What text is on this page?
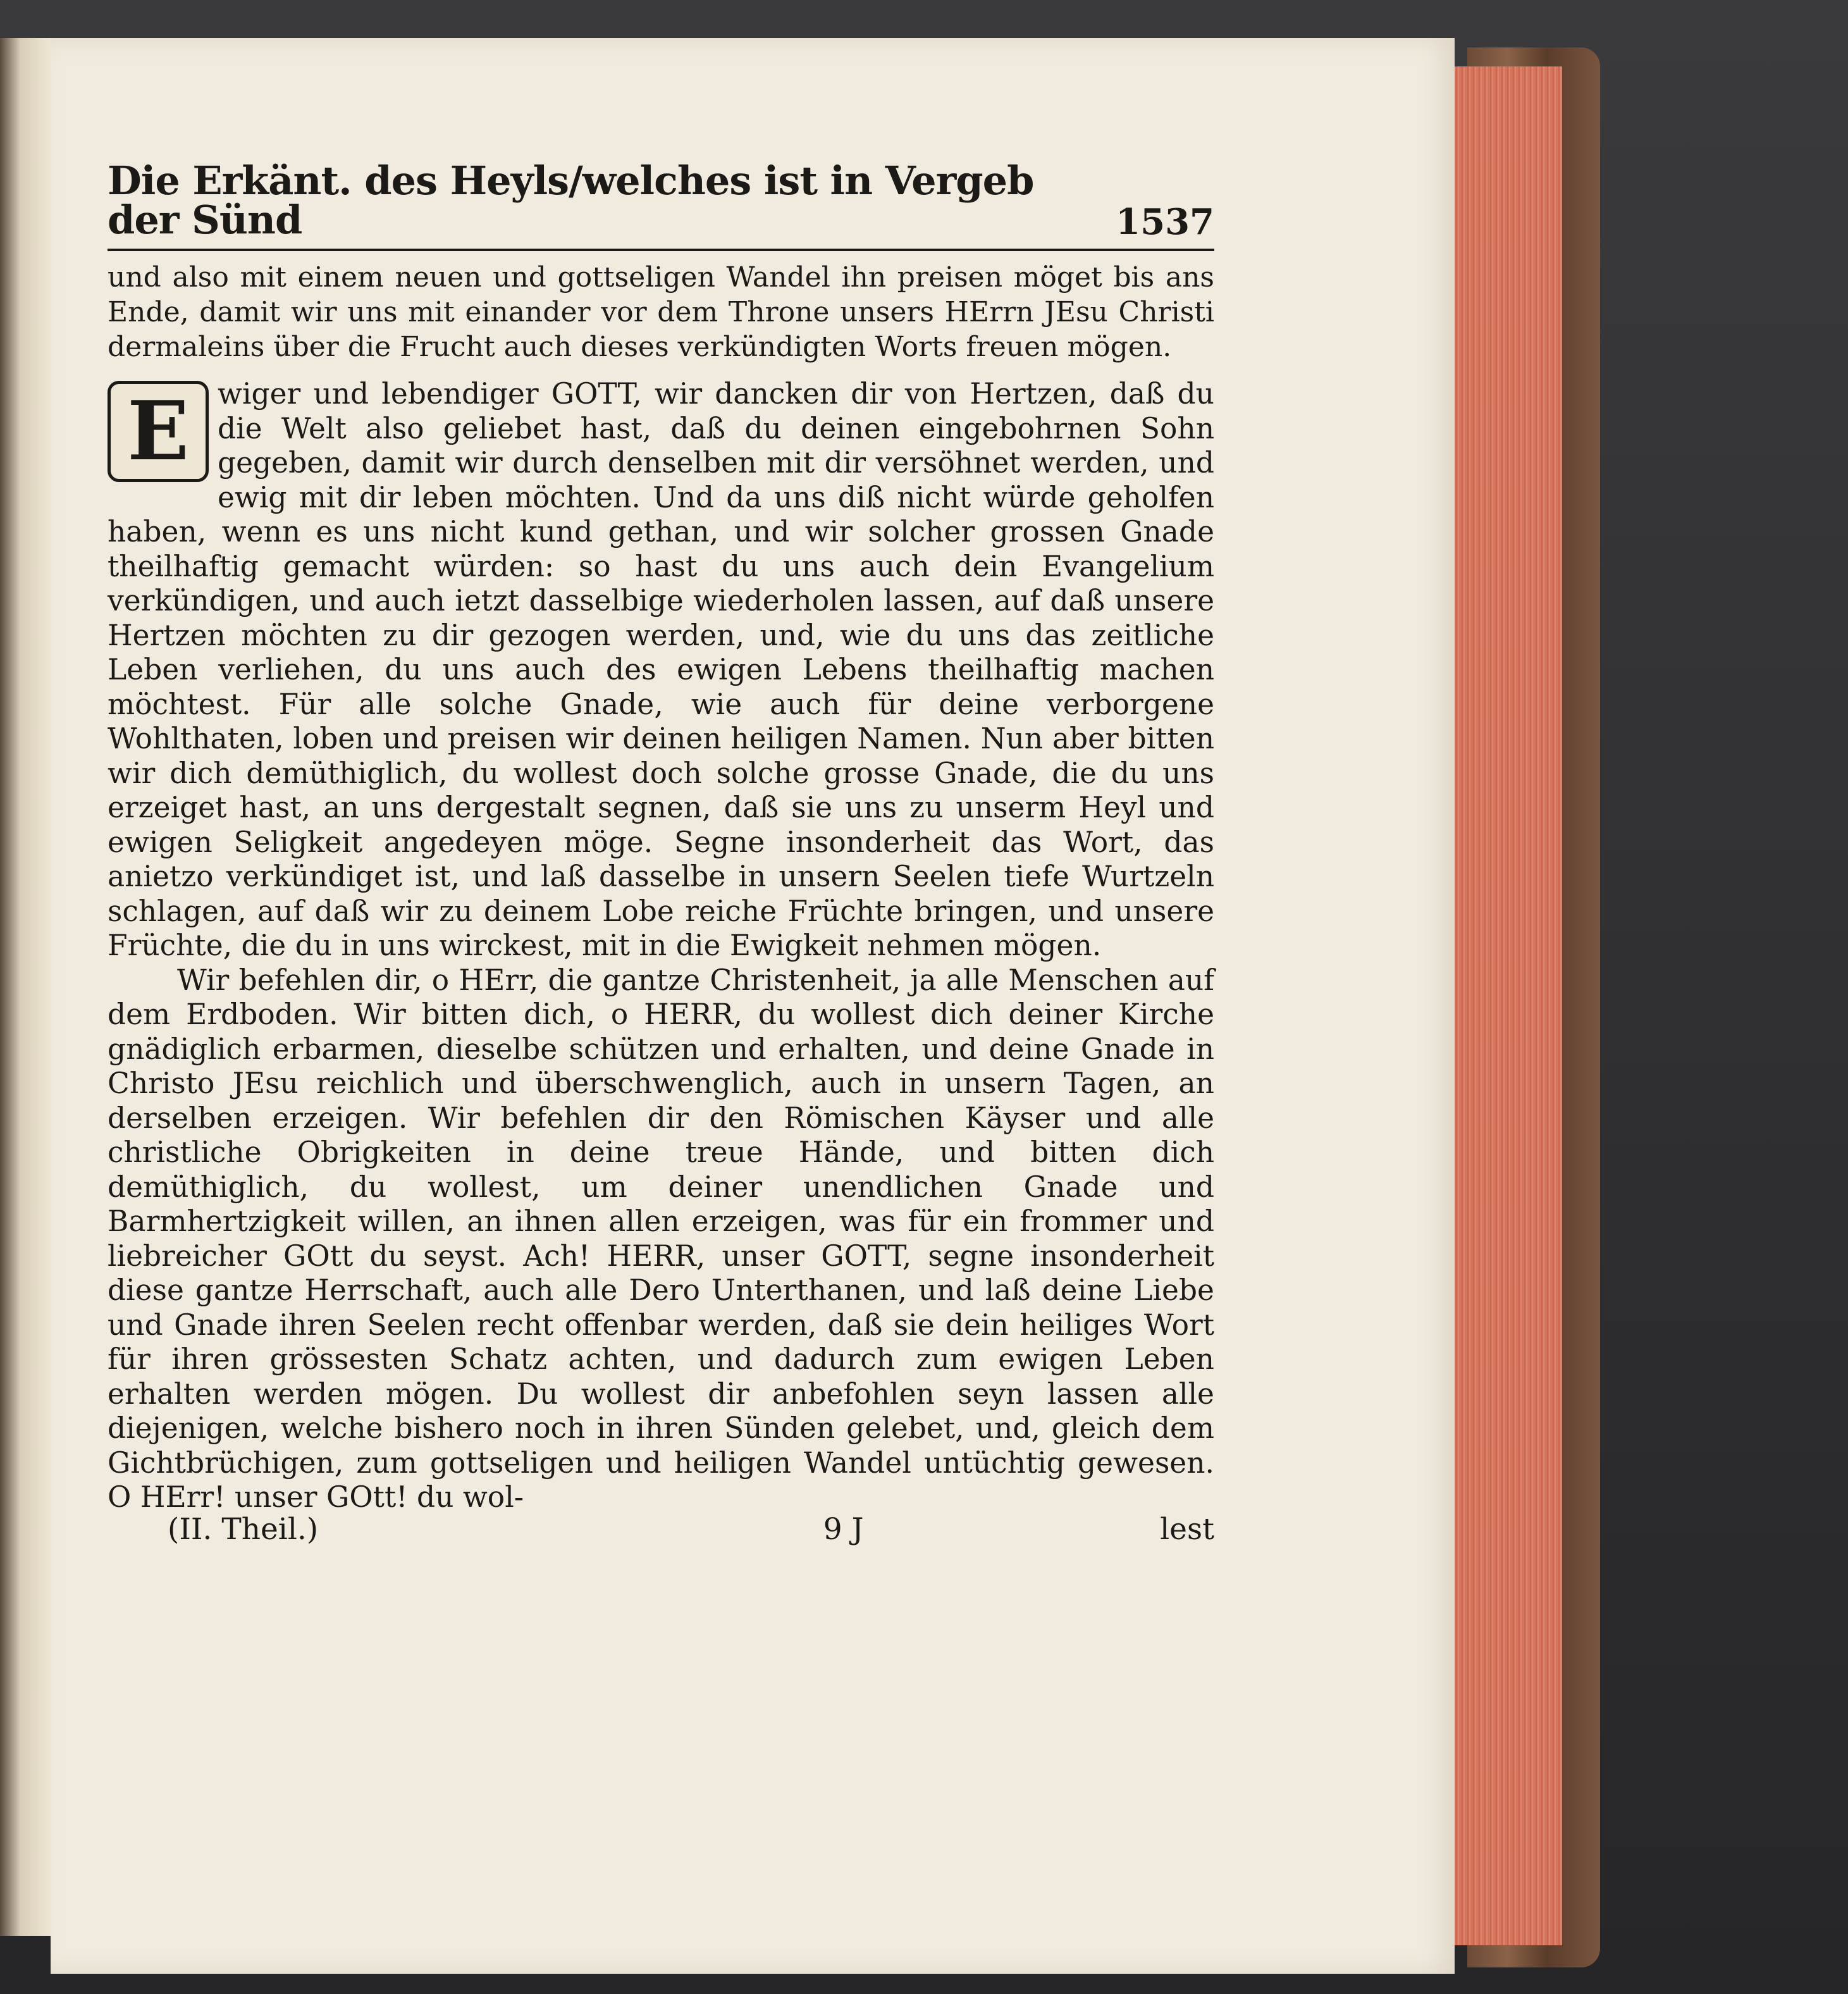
Die Erkänt. des Heyls/welches ist in Vergeb der Sünd	1537
und also mit einem neuen und gottseligen Wandel ihn preisen möget bis ans Ende, damit wir uns mit einander vor dem Throne unsers HErrn JEsu Christi dermaleins über die Frucht auch dieses verkündigten Worts freuen mögen.

E wiger und lebendiger GOTT, wir dancken dir von Hertzen, daß du die Welt also geliebet hast, daß du deinen eingebohrnen Sohn gegeben, damit wir durch denselben mit dir versöhnet werden, und ewig mit dir leben möchten. Und da uns diß nicht würde geholfen haben, wenn es uns nicht kund gethan, und wir solcher grossen Gnade theilhaftig gemacht würden: so hast du uns auch dein Evangelium verkündigen, und auch ietzt dasselbige wiederholen lassen, auf daß unsere Hertzen möchten zu dir gezogen werden, und, wie du uns das zeitliche Leben verliehen, du uns auch des ewigen Lebens theilhaftig machen möchtest. Für alle solche Gnade, wie auch für deine verborgene Wohlthaten, loben und preisen wir deinen heiligen Namen. Nun aber bitten wir dich demüthiglich, du wollest doch solche grosse Gnade, die du uns erzeiget hast, an uns dergestalt segnen, daß sie uns zu unserm Heyl und ewigen Seligkeit angedeyen möge. Segne insonderheit das Wort, das anietzo verkündiget ist, und laß dasselbe in unsern Seelen tiefe Wurtzeln schlagen, auf daß wir zu deinem Lobe reiche Früchte bringen, und unsere Früchte, die du in uns wirckest, mit in die Ewigkeit nehmen mögen.

Wir befehlen dir, o HErr, die gantze Christenheit, ja alle Menschen auf dem Erdboden. Wir bitten dich, o HERR, du wollest dich deiner Kirche gnädiglich erbarmen, dieselbe schützen und erhalten, und deine Gnade in Christo JEsu reichlich und überschwenglich, auch in unsern Tagen, an derselben erzeigen. Wir befehlen dir den Römischen Käyser und alle christliche Obrigkeiten in deine treue Hände, und bitten dich demüthiglich, du wollest, um deiner unendlichen Gnade und Barmhertzigkeit willen, an ihnen allen erzeigen, was für ein frommer und liebreicher GOtt du seyst. Ach! HERR, unser GOTT, segne insonderheit diese gantze Herrschaft, auch alle Dero Unterthanen, und laß deine Liebe und Gnade ihren Seelen recht offenbar werden, daß sie dein heiliges Wort für ihren grössesten Schatz achten, und dadurch zum ewigen Leben erhalten werden mögen. Du wollest dir anbefohlen seyn lassen alle diejenigen, welche bishero noch in ihren Sünden gelebet, und, gleich dem Gichtbrüchigen, zum gottseligen und heiligen Wandel untüchtig gewesen. O HErr! unser GOtt! du wol-

(II. Theil.)	9 J	lest
